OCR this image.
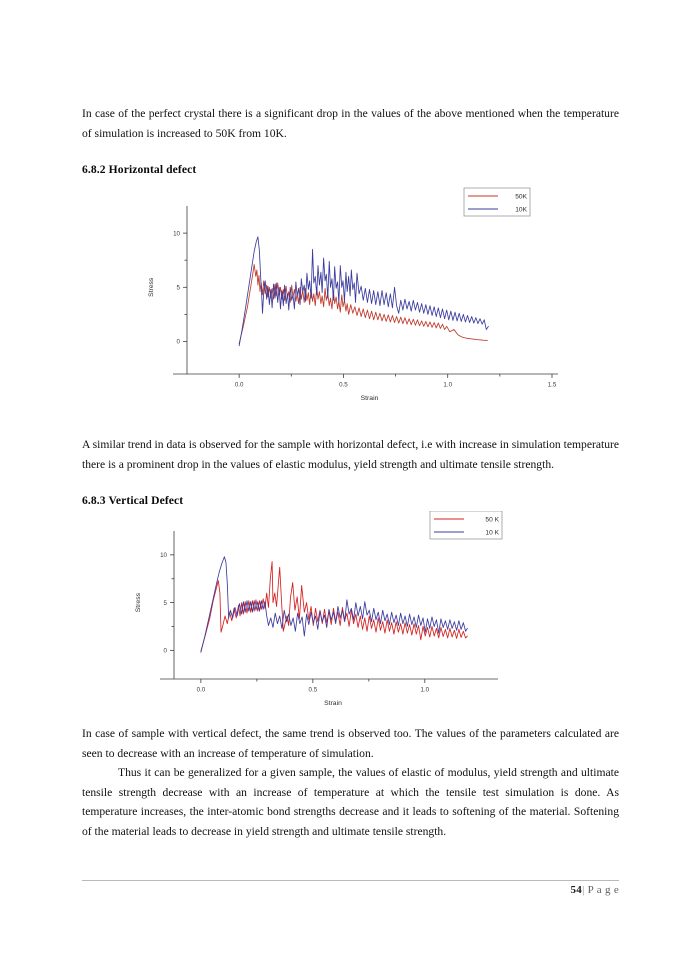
In case of the perfect crystal there is a significant drop in the values of the above mentioned when the temperature of simulation is increased to 50K from 10K.

6.8.2 Horizontal defect
0
5
10
0.0	0.5	1.0	1.5
Strain
Stress
50K
10K

A similar trend in data is observed for the sample with horizontal defect, i.e with increase in simulation temperature there is a prominent drop in the values of elastic modulus, yield strength and ultimate tensile strength.

6.8.3 Vertical Defect
0
5
10
0.0	0.5	1.0
Strain
Stress
50 K
10 K

In case of sample with vertical defect, the same trend is observed too. The values of the parameters calculated are seen to decrease with an increase of temperature of simulation.

Thus it can be generalized for a given sample, the values of elastic of modulus, yield strength and ultimate tensile strength decrease with an increase of temperature at which the tensile test simulation is done. As temperature increases, the inter-atomic bond strengths decrease and it leads to softening of the material. Softening of the material leads to decrease in yield strength and ultimate tensile strength.

54| P a g e
